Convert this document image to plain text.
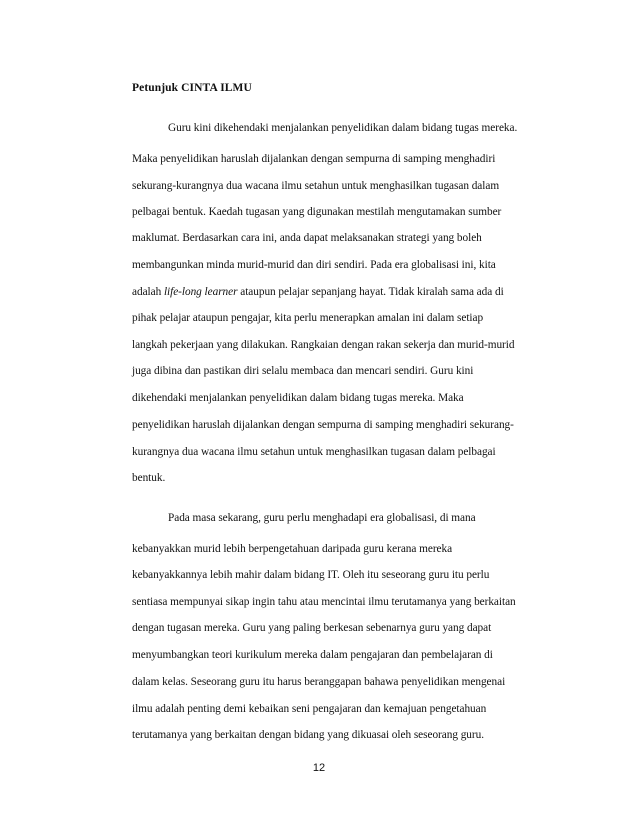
Petunjuk CINTA ILMU
Guru kini dikehendaki menjalankan penyelidikan dalam bidang tugas mereka.
Maka penyelidikan haruslah dijalankan dengan sempurna di samping menghadiri
sekurang-kurangnya dua wacana ilmu setahun untuk menghasilkan tugasan dalam
pelbagai bentuk. Kaedah tugasan yang digunakan mestilah mengutamakan sumber
maklumat. Berdasarkan cara ini, anda dapat melaksanakan strategi yang boleh
membangunkan minda murid-murid dan diri sendiri. Pada era globalisasi ini, kita
adalah life-long learner ataupun pelajar sepanjang hayat. Tidak kiralah sama ada di
pihak pelajar ataupun pengajar, kita perlu menerapkan amalan ini dalam setiap
langkah pekerjaan yang dilakukan. Rangkaian dengan rakan sekerja dan murid-murid
juga dibina dan pastikan diri selalu membaca dan mencari sendiri. Guru kini
dikehendaki menjalankan penyelidikan dalam bidang tugas mereka. Maka
penyelidikan haruslah dijalankan dengan sempurna di samping menghadiri sekurang-
kurangnya dua wacana ilmu setahun untuk menghasilkan tugasan dalam pelbagai
bentuk.
Pada masa sekarang, guru perlu menghadapi era globalisasi, di mana
kebanyakkan murid lebih berpengetahuan daripada guru kerana mereka
kebanyakkannya lebih mahir dalam bidang IT. Oleh itu seseorang guru itu perlu
sentiasa mempunyai sikap ingin tahu atau mencintai ilmu terutamanya yang berkaitan
dengan tugasan mereka. Guru yang paling berkesan sebenarnya guru yang dapat
menyumbangkan teori kurikulum mereka dalam pengajaran dan pembelajaran di
dalam kelas. Seseorang guru itu harus beranggapan bahawa penyelidikan mengenai
ilmu adalah penting demi kebaikan seni pengajaran dan kemajuan pengetahuan
terutamanya yang berkaitan dengan bidang yang dikuasai oleh seseorang guru.
12
